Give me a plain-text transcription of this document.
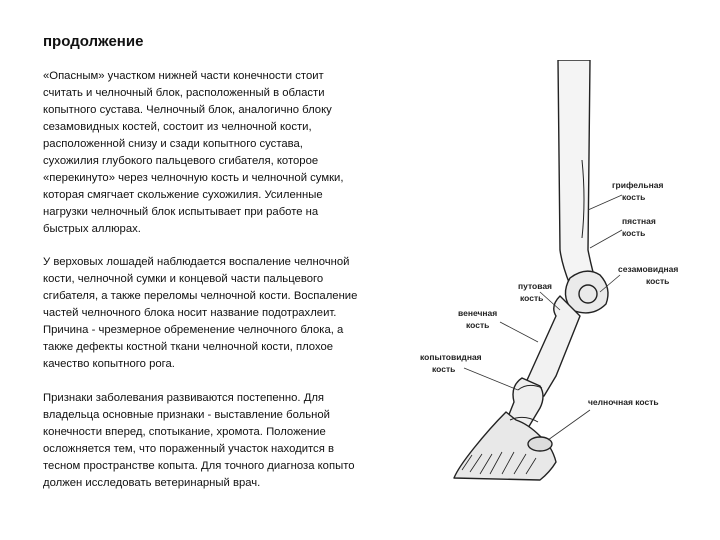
продолжение

«Опасным» участком нижней части конечности стоит считать и челночный блок, расположенный в области копытного сустава. Челночный блок, аналогично блоку сезамовидных костей, состоит из челночной кости, расположенной снизу и сзади копытного сустава, сухожилия глубокого пальцевого сгибателя, которое «перекинуто» через челночную кость и челночной сумки, которая смягчает скольжение сухожилия. Усиленные нагрузки челночный блок испытывает при работе на быстрых аллюрах.

У верховых лошадей наблюдается воспаление челночной кости, челночной сумки и концевой части пальцевого сгибателя, а также переломы челночной кости. Воспаление частей челночного блока носит название подотрахлеит. Причина - чрезмерное обременение челночного блока, а также дефекты костной ткани челночной кости, плохое качество копытного рога.

Признаки заболевания развиваются постепенно. Для владельца основные признаки - выставление больной конечности вперед, спотыкание, хромота. Положение осложняется тем, что пораженный участок находится в тесном пространстве копыта. Для точного диагноза копыто должен исследовать ветеринарный врач.

грифельная
кость
пястная
кость
сезамовидная
кость
путовая
кость
венечная
кость
копытовидная
кость
челночная кость
